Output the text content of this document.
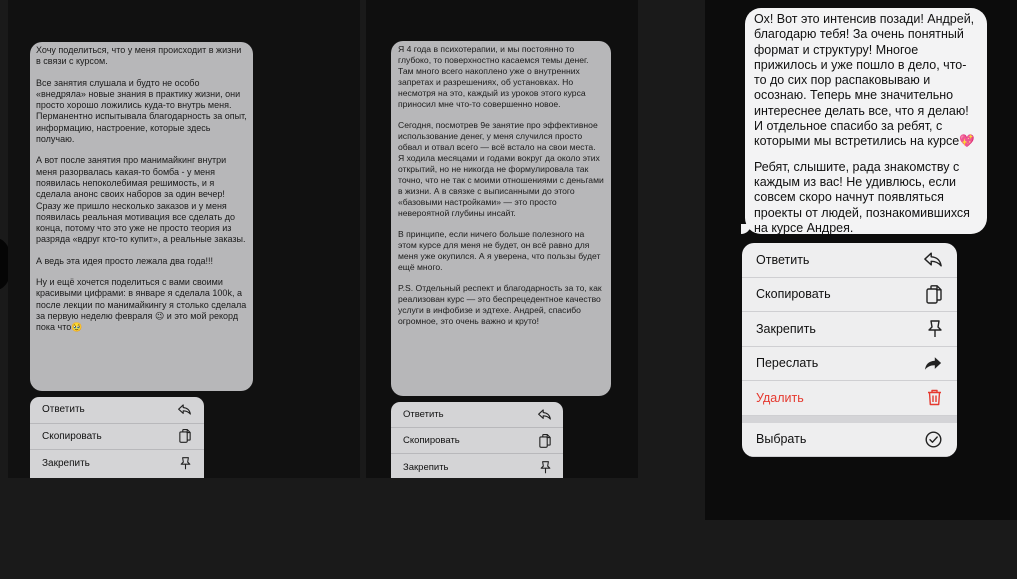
Хочу поделиться, что у меня происходит в жизни в связи с курсом.

Все занятия слушала и будто не особо «внедряла» новые знания в практику жизни, они просто хорошо ложились куда-то внутрь меня. Перманентно испытывала благодарность за опыт, информацию, настроение, которые здесь получаю.

А вот после занятия про манимайкинг внутри меня разорвалась какая-то бомба - у меня появилась непоколебимая решимость, и я сделала анонс своих наборов за один вечер! Сразу же пришло несколько заказов и у меня появилась реальная мотивация все сделать до конца, потому что это уже не просто теория из разряда «вдруг кто-то купит», а реальные заказы.

А ведь эта идея просто лежала два года!!!

Ну и ещё хочется поделиться с вами своими красивыми цифрами: в январе я сделала 100k, а после лекции по манимайкингу я столько сделала за первую неделю февраля 😉 и это мой рекорд пока что🥹

Ответить
Скопировать
Закрепить

Я 4 года в психотерапии, и мы постоянно то глубоко, то поверхностно касаемся темы денег. Там много всего накоплено уже о внутренних запретах и разрешениях, об установках. Но несмотря на это, каждый из уроков этого курса приносил мне что-то совершенно новое.

Сегодня, посмотрев 9е занятие про эффективное использование денег, у меня случился просто обвал и отвал всего — всё встало на свои места. Я ходила месяцами и годами вокруг да около этих открытий, но не никогда не формулировала так точно, что не так с моими отношениями с деньгами в жизни. А в связке с выписанными до этого «базовыми настройками» — это просто невероятной глубины инсайт.

В принципе, если ничего больше полезного на этом курсе для меня не будет, он всё равно для меня уже окупился. А я уверена, что пользы будет ещё много.

P.S. Отдельный респект и благодарность за то, как реализован курс — это беспрецедентное качество услуги в инфобизе и эдтехе. Андрей, спасибо огромное, это очень важно и круто!

Ответить
Скопировать
Закрепить

Ох! Вот это интенсив позади! Андрей, благодарю тебя! За очень понятный формат и структуру! Многое прижилось и уже пошло в дело, что-то до сих пор распаковываю и осознаю. Теперь мне значительно интереснее делать все, что я делаю! И отдельное спасибо за ребят, с которыми мы встретились на курсе💖

Ребят, слышите, рада знакомству с каждым из вас! Не удивлюсь, если совсем скоро начнут появляться проекты от людей, познакомившихся на курсе Андрея.

Ответить
Скопировать
Закрепить
Переслать
Удалить
Выбрать
